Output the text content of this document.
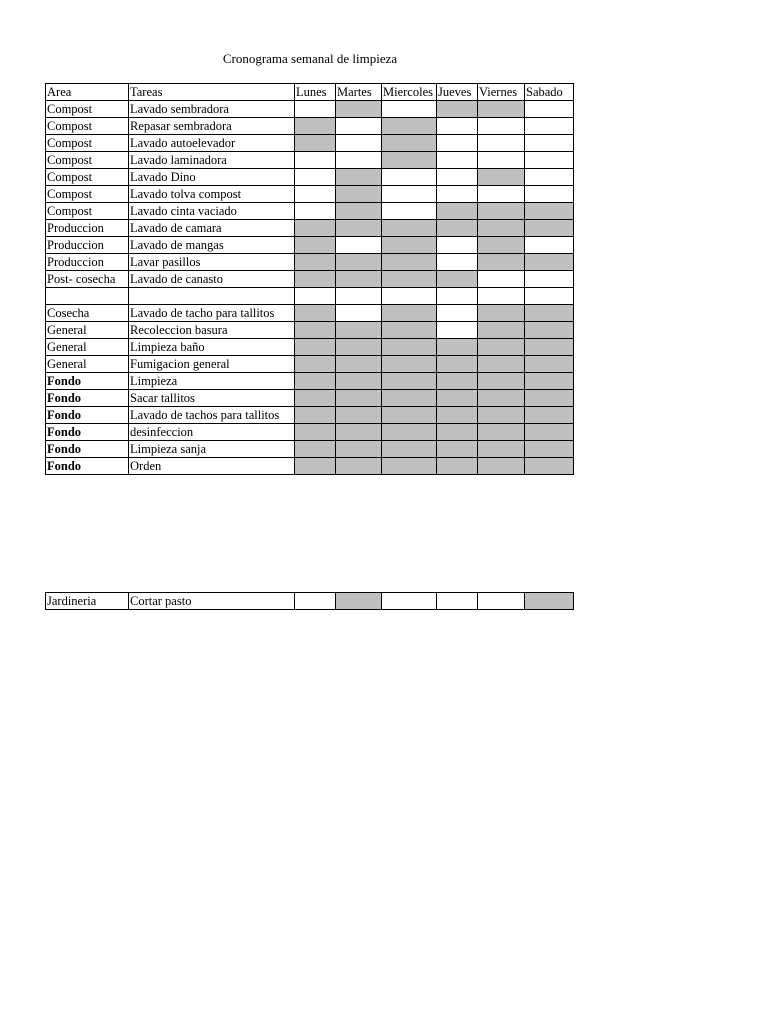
Cronograma semanal de limpieza
Area	Tareas	Lunes	Martes	Miercoles	Jueves	Viernes	Sabado
Compost	Lavado sembradora						
Compost	Repasar sembradora						
Compost	Lavado autoelevador						
Compost	Lavado laminadora						
Compost	Lavado Dino						
Compost	Lavado tolva compost						
Compost	Lavado cinta vaciado						
Produccion	Lavado de camara						
Produccion	Lavado de mangas						
Produccion	Lavar pasillos						
Post- cosecha	Lavado de canasto						

Cosecha	Lavado de tacho para tallitos						
General	Recoleccion basura						
General	Limpieza baño						
General	Fumigacion general						
Fondo	Limpieza						
Fondo	Sacar tallitos						
Fondo	Lavado de tachos para tallitos						
Fondo	desinfeccion						
Fondo	Limpieza sanja						
Fondo	Orden						
Jardineria	Cortar pasto						
